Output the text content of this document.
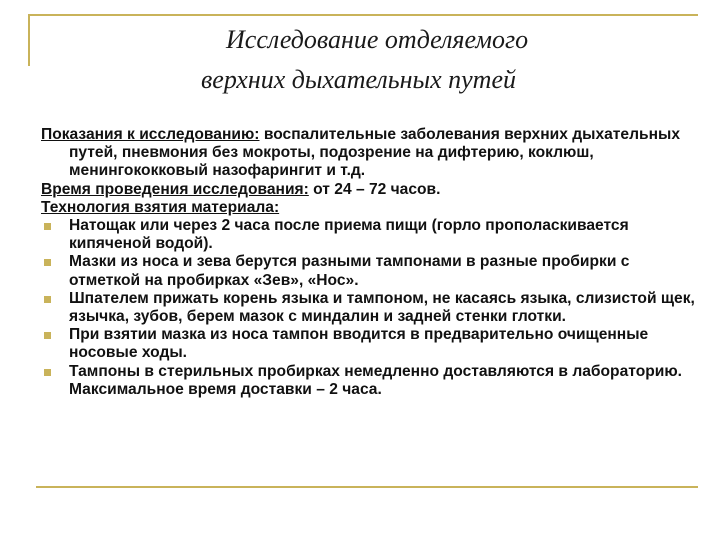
Исследование отделяемого
верхних дыхательных путей

Показания к исследованию: воспалительные заболевания верхних дыхательных путей, пневмония без мокроты, подозрение на дифтерию, коклюш, менингококковый назофарингит и т.д.

Время проведения исследования: от 24 – 72 часов.

Технология взятия материала:

Натощак или через 2 часа после приема пищи (горло прополаскивается кипяченой водой).
Мазки из носа и зева берутся разными тампонами в разные пробирки с отметкой на пробирках «Зев», «Нос».
Шпателем прижать корень языка и тампоном, не касаясь языка, слизистой щек, язычка, зубов, берем мазок с миндалин и задней стенки глотки.
При взятии мазка из носа тампон вводится в предварительно очищенные носовые ходы.
Тампоны в стерильных пробирках немедленно доставляются в лабораторию. Максимальное время доставки – 2 часа.
